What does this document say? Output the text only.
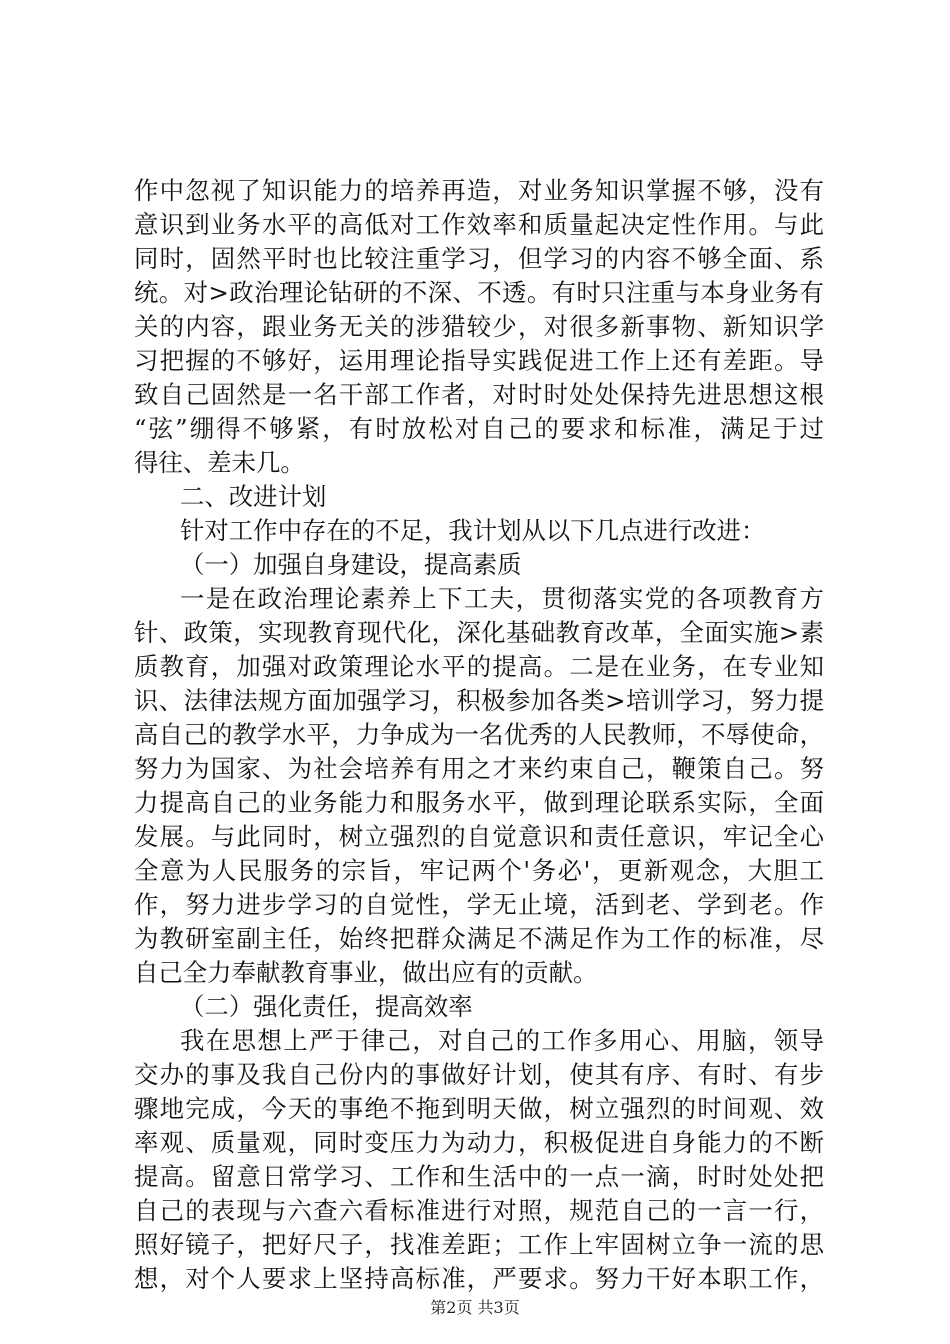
作中忽视了知识能力的培养再造，对业务知识掌握不够，没有
意识到业务水平的高低对工作效率和质量起决定性作用。与此
同时，固然平时也比较注重学习，但学习的内容不够全面、系
统。对>政治理论钻研的不深、不透。有时只注重与本身业务有
关的内容，跟业务无关的涉猎较少，对很多新事物、新知识学
习把握的不够好，运用理论指导实践促进工作上还有差距。导
致自己固然是一名干部工作者，对时时处处保持先进思想这根
“弦”绷得不够紧，有时放松对自己的要求和标准，满足于过
得往、差未几。
二、改进计划
针对工作中存在的不足，我计划从以下几点进行改进：
（一）加强自身建设，提高素质
一是在政治理论素养上下工夫，贯彻落实党的各项教育方
针、政策，实现教育现代化，深化基础教育改革，全面实施>素
质教育，加强对政策理论水平的提高。二是在业务，在专业知
识、法律法规方面加强学习，积极参加各类>培训学习，努力提
高自己的教学水平，力争成为一名优秀的人民教师，不辱使命，
努力为国家、为社会培养有用之才来约束自己，鞭策自己。努
力提高自己的业务能力和服务水平，做到理论联系实际，全面
发展。与此同时，树立强烈的自觉意识和责任意识，牢记全心
全意为人民服务的宗旨，牢记两个'务必'，更新观念，大胆工
作，努力进步学习的自觉性，学无止境，活到老、学到老。作
为教研室副主任，始终把群众满足不满足作为工作的标准，尽
自己全力奉献教育事业，做出应有的贡献。
（二）强化责任，提高效率
我在思想上严于律己，对自己的工作多用心、用脑，领导
交办的事及我自己份内的事做好计划，使其有序、有时、有步
骤地完成，今天的事绝不拖到明天做，树立强烈的时间观、效
率观、质量观，同时变压力为动力，积极促进自身能力的不断
提高。留意日常学习、工作和生活中的一点一滴，时时处处把
自己的表现与六查六看标准进行对照，规范自己的一言一行，
照好镜子，把好尺子，找准差距；工作上牢固树立争一流的思
想，对个人要求上坚持高标准，严要求。努力干好本职工作，
第2页 共3页
